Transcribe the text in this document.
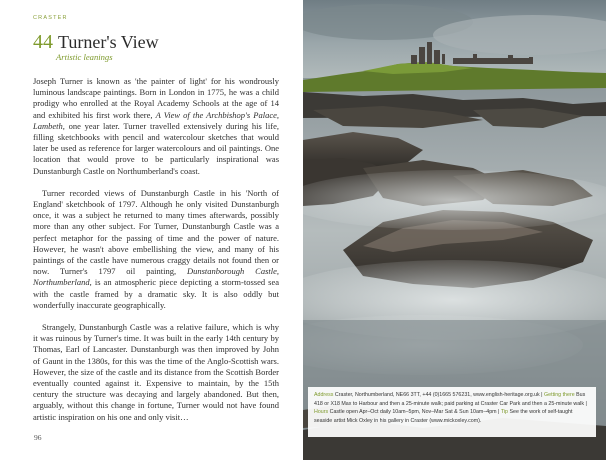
CRASTER
44 Turner's View
Artistic leanings

Joseph Turner is known as 'the painter of light' for his wondrously luminous landscape paintings. Born in London in 1775, he was a child prodigy who enrolled at the Royal Academy Schools at the age of 14 and exhibited his first work there, A View of the Archbishop's Palace, Lambeth, one year later. Turner travelled extensively during his life, filling sketchbooks with pencil and watercolour sketches that would later be used as reference for larger watercolours and oil paintings. One location that would prove to be particularly inspirational was Dunstanburgh Castle on Northumberland's coast.

Turner recorded views of Dunstanburgh Castle in his 'North of England' sketchbook of 1797. Although he only visited Dunstanburgh once, it was a subject he returned to many times afterwards, possibly more than any other subject. For Turner, Dunstanburgh Castle was a perfect metaphor for the passing of time and the power of nature. However, he wasn't above embellishing the view, and many of his paintings of the castle have numerous craggy details not found then or now. Turner's 1797 oil painting, Dunstanborough Castle, Northumberland, is an atmospheric piece depicting a storm-tossed sea with the castle framed by a dramatic sky. It is also oddly but wonderfully inaccurate geographically.

Strangely, Dunstanburgh Castle was a relative failure, which is why it was ruinous by Turner's time. It was built in the early 14th century by Thomas, Earl of Lancaster. Dunstanburgh was then improved by John of Gaunt in the 1380s, for this was the time of the Anglo-Scottish wars. However, the size of the castle and its distance from the Scottish Border eventually counted against it. Expensive to maintain, by the 15th century the structure was decaying and largely abandoned. But then, arguably, without this change in fortune, Turner would not have found artistic inspiration on his one and only visit…

96
Address Craster, Northumberland, NE66 3TT, +44 (0)1665 576231, www.english-heritage.org.uk | Getting there Bus 418 or X18 Max to Harbour and then a 25-minute walk; paid parking at Craster Car Park and then a 25-minute walk | Hours Castle open Apr–Oct daily 10am–5pm, Nov–Mar Sat & Sun 10am–4pm | Tip See the work of self-taught seaside artist Mick Oxley in his gallery in Craster (www.mickoxley.com).
